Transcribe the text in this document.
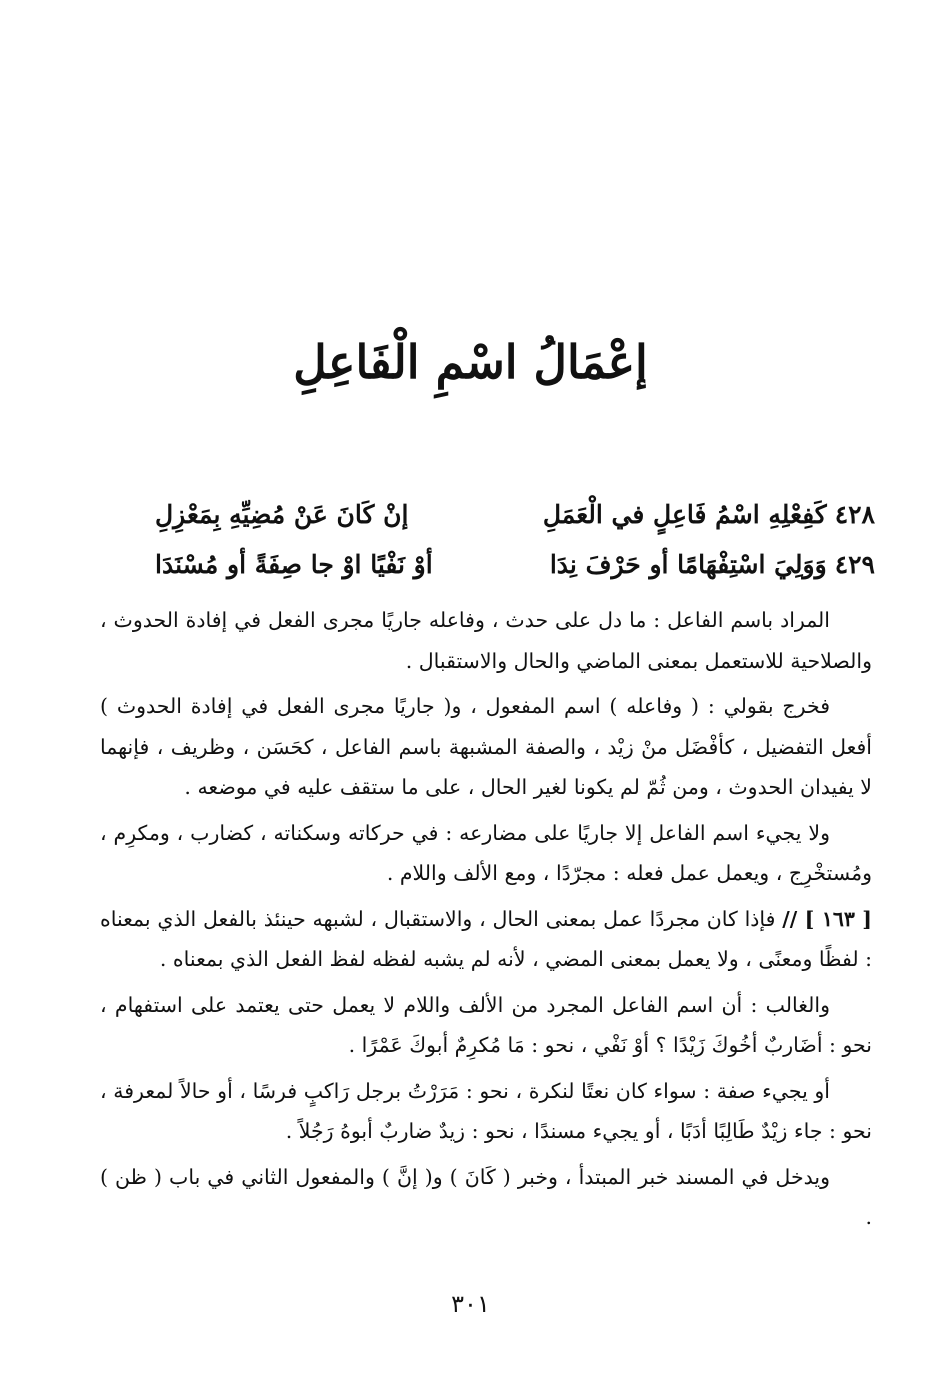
إعْمَالُ اسْمِ الْفَاعِلِ
٤٢٨
كَفِعْلِهِ اسْمُ فَاعِلٍ في الْعَمَلِ
إنْ كَانَ عَنْ مُضِيِّهِ بِمَعْزِلِ
٤٢٩
وَوَلِيَ اسْتِفْهَامًا أو حَرْفَ نِدَا
أوْ نَفْيًا اوْ جا صِفَةً أو مُسْنَدَا

المراد باسم الفاعل : ما دل على حدث ، وفاعله جاريًا مجرى الفعل في إفادة الحدوث ، والصلاحية للاستعمل بمعنى الماضي والحال والاستقبال .

فخرج بقولي : ( وفاعله ) اسم المفعول ، و( جاريًا مجرى الفعل في إفادة الحدوث ) أفعل التفضيل ، كأفْضَل منْ زيْد ، والصفة المشبهة باسم الفاعل ، كحَسَن ، وظريف ، فإنهما لا يفيدان الحدوث ، ومن ثُمّ لم يكونا لغير الحال ، على ما ستقف عليه في موضعه .

ولا يجيء اسم الفاعل إلا جاريًا على مضارعه : في حركاته وسكناته ، كضارب ، ومكرِم ، ومُستخْرِج ، ويعمل عمل فعله : مجرّدًا ، ومع الألف واللام .

[ ١٦٣ ] // فإذا كان مجردًا عمل بمعنى الحال ، والاستقبال ، لشبهه حينئذ بالفعل الذي بمعناه : لفظًا ومعنًى ، ولا يعمل بمعنى المضي ، لأنه لم يشبه لفظه لفظ الفعل الذي بمعناه .

والغالب : أن اسم الفاعل المجرد من الألف واللام لا يعمل حتى يعتمد على استفهام ، نحو : أضَاربٌ أخُوكَ زَيْدًا ؟ أوْ نَفْي ، نحو : مَا مُكرِمٌ أبوكَ عَمْرًا .

أو يجيء صفة : سواء كان نعتًا لنكرة ، نحو : مَرَرْتُ برجل رَاكبٍ فرسًا ، أو حالاً لمعرفة ، نحو : جاء زيْدٌ طَالِبًا أدَبًا ، أو يجيء مسندًا ، نحو : زيدٌ ضاربٌ أبوهُ رَجُلاً .

ويدخل في المسند خبر المبتدأ ، وخبر ( كَانَ ) و( إنَّ ) والمفعول الثاني في باب ( ظن ) .

٣٠١
